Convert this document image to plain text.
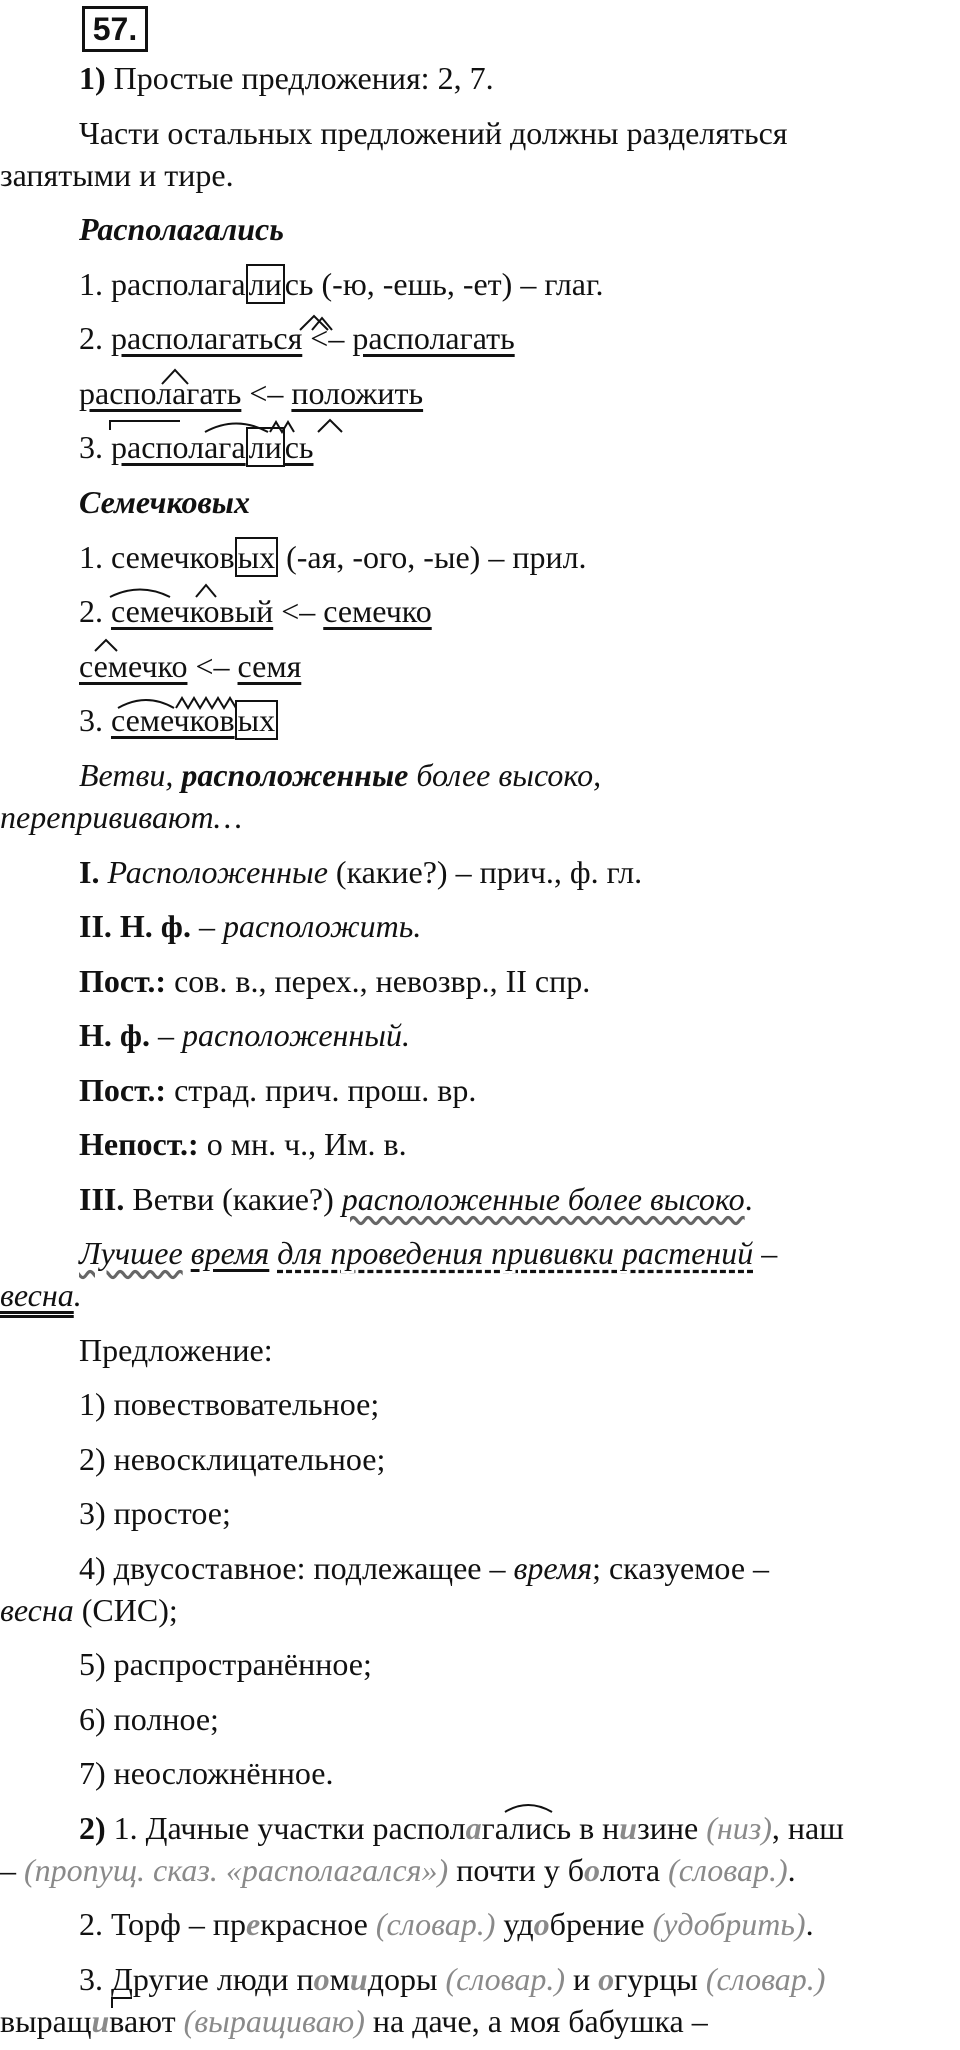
57.
1) Простые предложения: 2, 7.
Части остальных предложений должны разделяться
запятыми и тире.
Располагались
1. располагались (-ю, -ешь, -ет) – глаг.
2. располагаться <– располагать
располагать <– положить
3. располагались
Семечковых
1. семечковых (-ая, -ого, -ые) – прил.
2. семечковый <– семечко
семечко <– семя
3. семечковых
Ветви, расположенные более высоко,
перепрививают…
I. Расположенные (какие?) – прич., ф. гл.
II. Н. ф. – расположить.
Пост.: сов. в., перех., невозвр., II спр.
Н. ф. – расположенный.
Пост.: страд. прич. прош. вр.
Непост.: о мн. ч., Им. в.
III. Ветви (какие?) расположенные более высоко.
Лучшее время для проведения прививки растений –
весна.
Предложение:
1) повествовательное;
2) невосклицательное;
3) простое;
4) двусоставное: подлежащее – время; сказуемое –
весна (СИС);
5) распространённое;
6) полное;
7) неосложнённое.
2) 1. Дачные участки располагались в низине (низ), наш
– (пропущ. сказ. «располагался») почти у болота (словар.).
2. Торф – прекрасное (словар.) удобрение (удобрить).
3. Другие люди помидоры (словар.) и огурцы (словар.)
выращивают (выращиваю) на даче, а моя бабушка –
